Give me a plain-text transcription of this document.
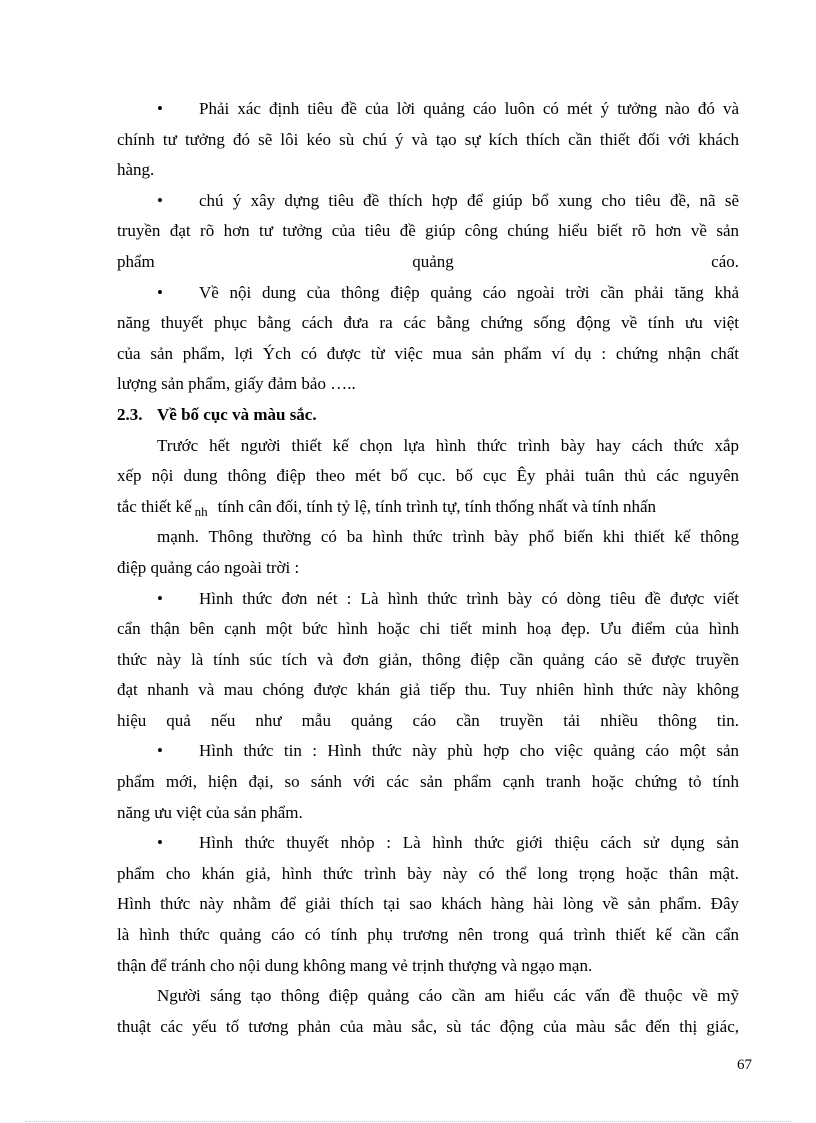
• Phải xác định tiêu đề của lời quảng cáo luôn có mét ý tưởng nào đó và
chính tư tưởng đó sẽ lôi kéo sù chú ý và tạo sự kích thích cần thiết đối với khách
hàng.
• chú ý xây dựng tiêu đề thích hợp để giúp bổ xung cho tiêu đề, nã sẽ
truyền đạt rõ hơn tư tưởng của tiêu đề giúp công chúng hiểu biết rõ hơn về sản
phẩm quảng cáo.
• Về nội dung của thông điệp quảng cáo ngoài trời cần phải tăng khả
năng thuyết phục bằng cách đưa ra các bằng chứng sống động về tính ưu việt
của sản phẩm, lợi Ých có được từ việc mua sản phẩm ví dụ : chứng nhận chất
lượng sản phẩm, giấy đảm bảo …..
2.3. Về bố cục và màu sắc.
Trước hết người thiết kế chọn lựa hình thức trình bày hay cách thức xắp
xếp nội dung thông điệp theo mét bố cục. bố cục Êy phải tuân thủ các nguyên
tắc thiết kế $_{nh}$ tính cân đối, tính tỷ lệ, tính trình tự, tính thống nhất và tính nhấn
mạnh. Thông thường có ba hình thức trình bày phổ biến khi thiết kế thông
điệp quảng cáo ngoài trời :
• Hình thức đơn nét : Là hình thức trình bày có dòng tiêu đề được viết
cẩn thận bên cạnh một bức hình hoặc chi tiết minh hoạ đẹp. Ưu điểm của hình
thức này là tính súc tích và đơn giản, thông điệp cần quảng cáo sẽ được truyền
đạt nhanh và mau chóng được khán giả tiếp thu. Tuy nhiên hình thức này không
hiệu quả nếu như mẫu quảng cáo cần truyền tải nhiều thông tin.
• Hình thức tin : Hình thức này phù hợp cho việc quảng cáo một sản
phẩm mới, hiện đại, so sánh với các sản phẩm cạnh tranh hoặc chứng tỏ tính
năng ưu việt của sản phẩm.
• Hình thức thuyết nhỏp : Là hình thức giới thiệu cách sử dụng sản
phẩm cho khán giả, hình thức trình bày này có thể long trọng hoặc thân mật.
Hình thức này nhằm để giải thích tại sao khách hàng hài lòng về sản phẩm. Đây
là hình thức quảng cáo có tính phụ trương nên trong quá trình thiết kế cần cẩn
thận để tránh cho nội dung không mang vẻ trịnh thượng và ngạo mạn.
Người sáng tạo thông điệp quảng cáo cần am hiểu các vấn đề thuộc về mỹ
thuật các yếu tố tương phản của màu sắc, sù tác động của màu sắc đến thị giác,
67
